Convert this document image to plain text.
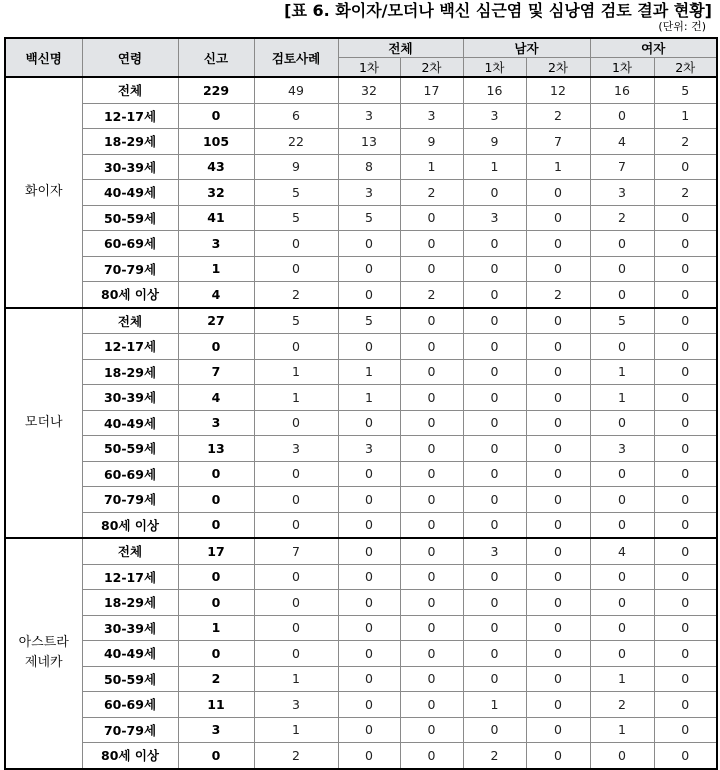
[표 6. 화이자/모더나 백신 심근염 및 심낭염 검토 결과 현황]
(단위: 건)
백신명	연령	신고	검토사례	전체		남자		여자	
				1차	2차	1차	2차	1차	2차

화이자	전체	229	49	32	17	16	12	16	5
	12-17세	0	6	3	3	3	2	0	1
	18-29세	105	22	13	9	9	7	4	2
	30-39세	43	9	8	1	1	1	7	0
	40-49세	32	5	3	2	0	0	3	2
	50-59세	41	5	5	0	3	0	2	0
	60-69세	3	0	0	0	0	0	0	0
	70-79세	1	0	0	0	0	0	0	0
	80세 이상	4	2	0	2	0	2	0	0

모더나	전체	27	5	5	0	0	0	5	0
	12-17세	0	0	0	0	0	0	0	0
	18-29세	7	1	1	0	0	0	1	0
	30-39세	4	1	1	0	0	0	1	0
	40-49세	3	0	0	0	0	0	0	0
	50-59세	13	3	3	0	0	0	3	0
	60-69세	0	0	0	0	0	0	0	0
	70-79세	0	0	0	0	0	0	0	0
	80세 이상	0	0	0	0	0	0	0	0

아스트라
제네카	전체	17	7	0	0	3	0	4	0
	12-17세	0	0	0	0	0	0	0	0
	18-29세	0	0	0	0	0	0	0	0
	30-39세	1	0	0	0	0	0	0	0
	40-49세	0	0	0	0	0	0	0	0
	50-59세	2	1	0	0	0	0	1	0
	60-69세	11	3	0	0	1	0	2	0
	70-79세	3	1	0	0	0	0	1	0
	80세 이상	0	2	0	0	2	0	0	0
